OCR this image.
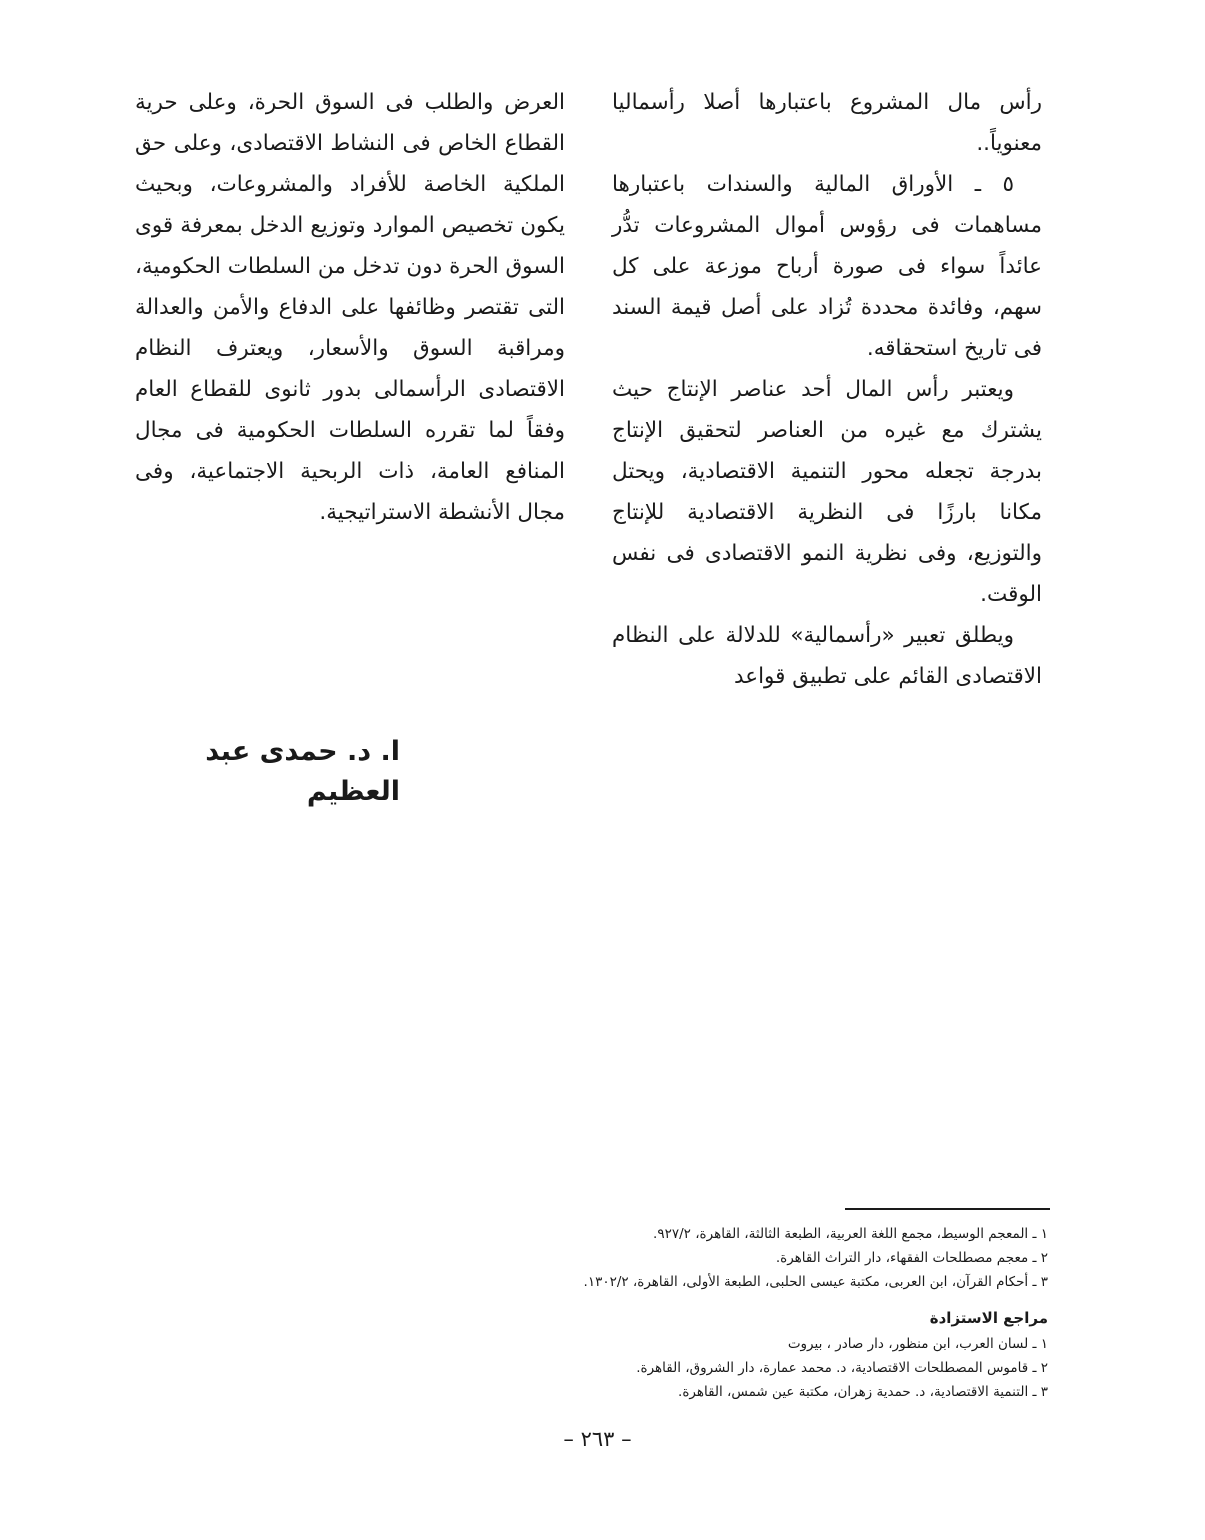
رأس مال المشروع باعتبارها أصلا رأسماليا معنوياً..

٥ ـ الأوراق المالية والسندات باعتبارها مساهمات فى رؤوس أموال المشروعات تدُّر عائداً سواء فى صورة أرباح موزعة على كل سهم، وفائدة محددة تُزاد على أصل قيمة السند فى تاريخ استحقاقه.

ويعتبر رأس المال أحد عناصر الإنتاج حيث يشترك مع غيره من العناصر لتحقيق الإنتاج بدرجة تجعله محور التنمية الاقتصادية، ويحتل مكانا بارزًا فى النظرية الاقتصادية للإنتاج والتوزيع، وفى نظرية النمو الاقتصادى فى نفس الوقت.

ويطلق تعبير «رأسمالية» للدلالة على النظام الاقتصادى القائم على تطبيق قواعد

العرض والطلب فى السوق الحرة، وعلى حرية القطاع الخاص فى النشاط الاقتصادى، وعلى حق الملكية الخاصة للأفراد والمشروعات، وبحيث يكون تخصيص الموارد وتوزيع الدخل بمعرفة قوى السوق الحرة دون تدخل من السلطات الحكومية، التى تقتصر وظائفها على الدفاع والأمن والعدالة ومراقبة السوق والأسعار، ويعترف النظام الاقتصادى الرأسمالى بدور ثانوى للقطاع العام وفقاً لما تقرره السلطات الحكومية فى مجال المنافع العامة، ذات الربحية الاجتماعية، وفى مجال الأنشطة الاستراتيجية.

ا. د. حمدى عبد العظيم

١ ـ المعجم الوسيط، مجمع اللغة العربية، الطبعة الثالثة، القاهرة، ٩٢٧/٢.

٢ ـ معجم مصطلحات الفقهاء، دار التراث القاهرة.

٣ ـ أحكام القرآن، ابن العربى، مكتبة عيسى الحلبى، الطبعة الأولى، القاهرة، ١٣٠٢/٢.

مراجع الاستزادة

١ ـ لسان العرب، ابن منظور، دار صادر ، بيروت

٢ ـ قاموس المصطلحات الاقتصادية، د. محمد عمارة، دار الشروق، القاهرة.

٣ ـ التنمية الاقتصادية، د. حمدية زهران، مكتبة عين شمس، القاهرة.

– ٢٦٣ –
